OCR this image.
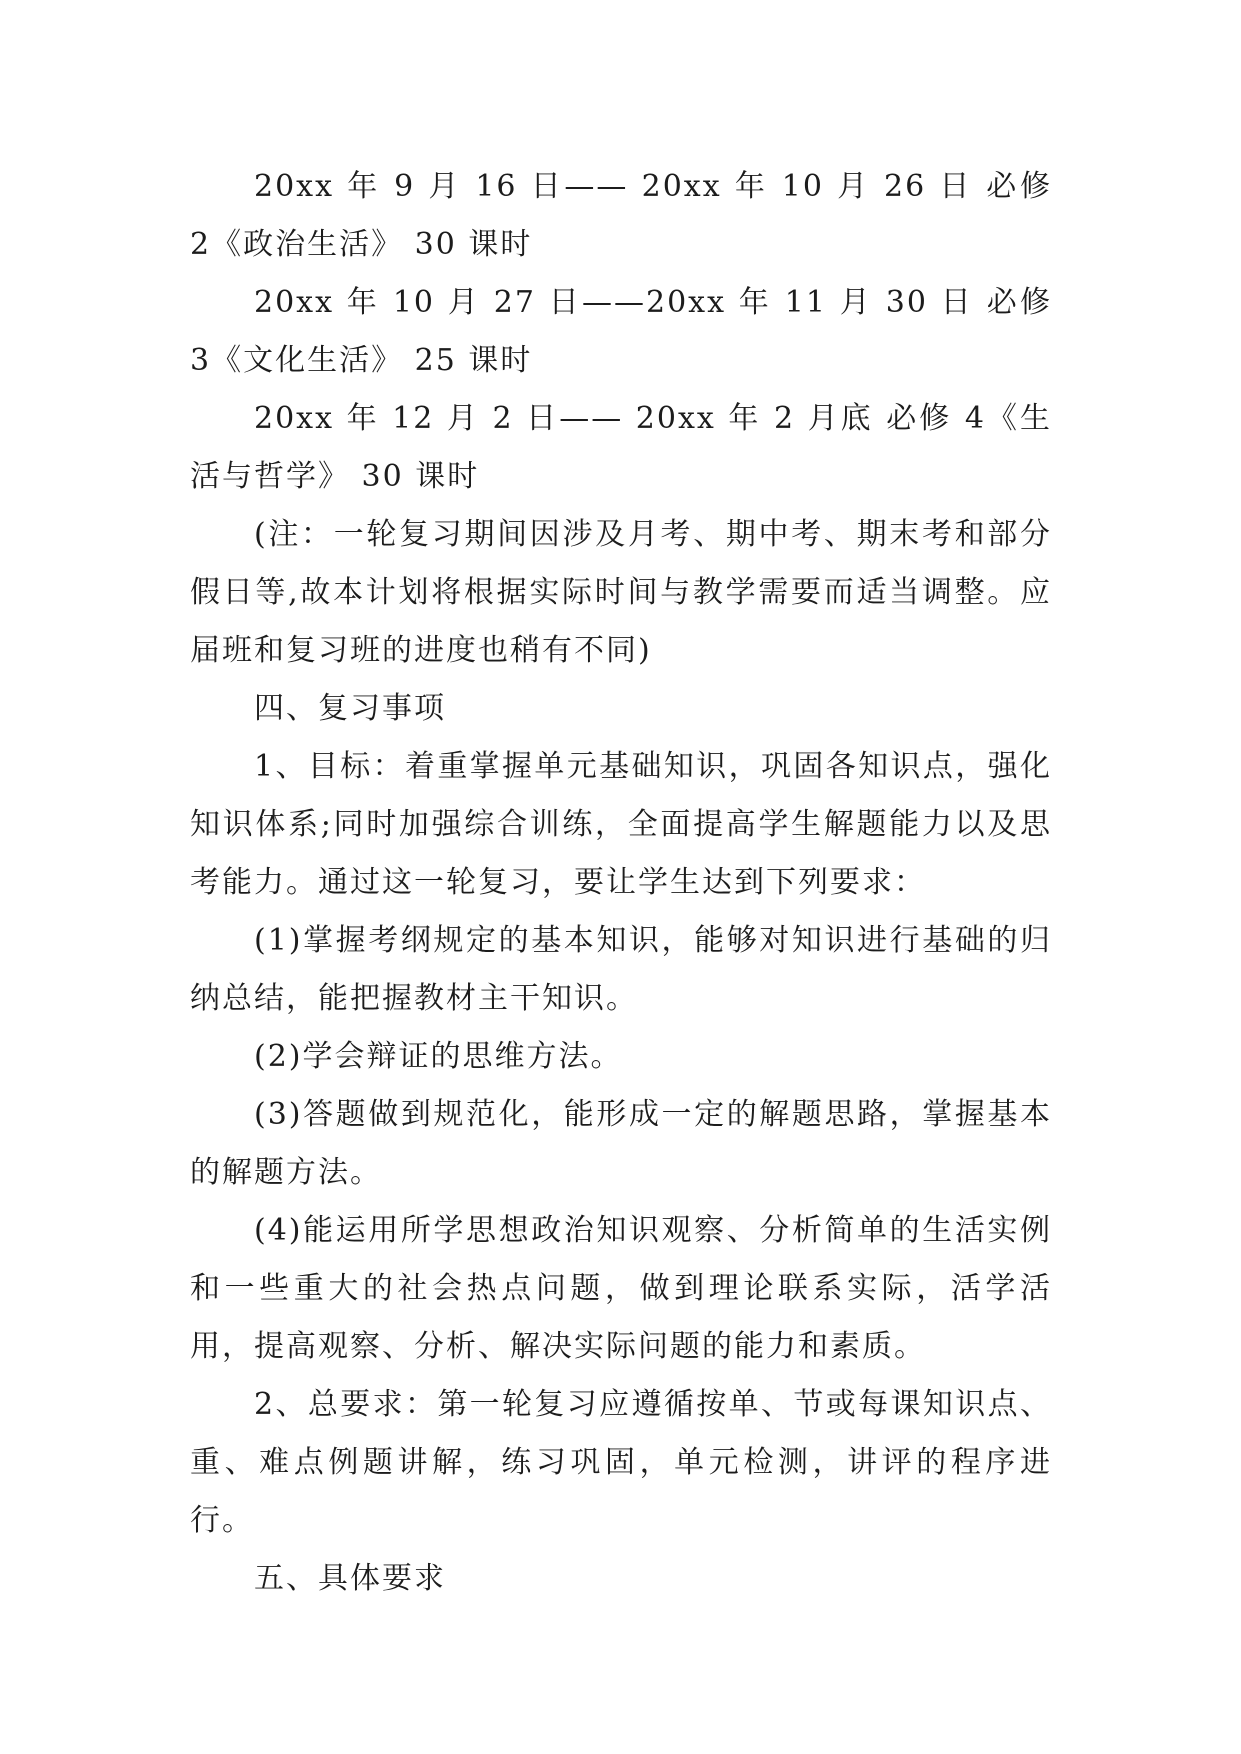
20xx 年 9 月 16 日—— 20xx 年 10 月 26 日 必修 2《政治生活》 30 课时

20xx 年 10 月 27 日——20xx 年 11 月 30 日 必修 3《文化生活》 25 课时

20xx 年 12 月 2 日—— 20xx 年 2 月底 必修 4《生活与哲学》 30 课时

(注：一轮复习期间因涉及月考、期中考、期末考和部分假日等,故本计划将根据实际时间与教学需要而适当调整。应届班和复习班的进度也稍有不同)

四、复习事项

1、目标：着重掌握单元基础知识，巩固各知识点，强化知识体系;同时加强综合训练，全面提高学生解题能力以及思考能力。通过这一轮复习，要让学生达到下列要求：

(1)掌握考纲规定的基本知识，能够对知识进行基础的归纳总结，能把握教材主干知识。

(2)学会辩证的思维方法。

(3)答题做到规范化，能形成一定的解题思路，掌握基本的解题方法。

(4)能运用所学思想政治知识观察、分析简单的生活实例和一些重大的社会热点问题，做到理论联系实际，活学活用，提高观察、分析、解决实际问题的能力和素质。

2、总要求：第一轮复习应遵循按单、节或每课知识点、重、难点例题讲解，练习巩固，单元检测，讲评的程序进行。

五、具体要求
